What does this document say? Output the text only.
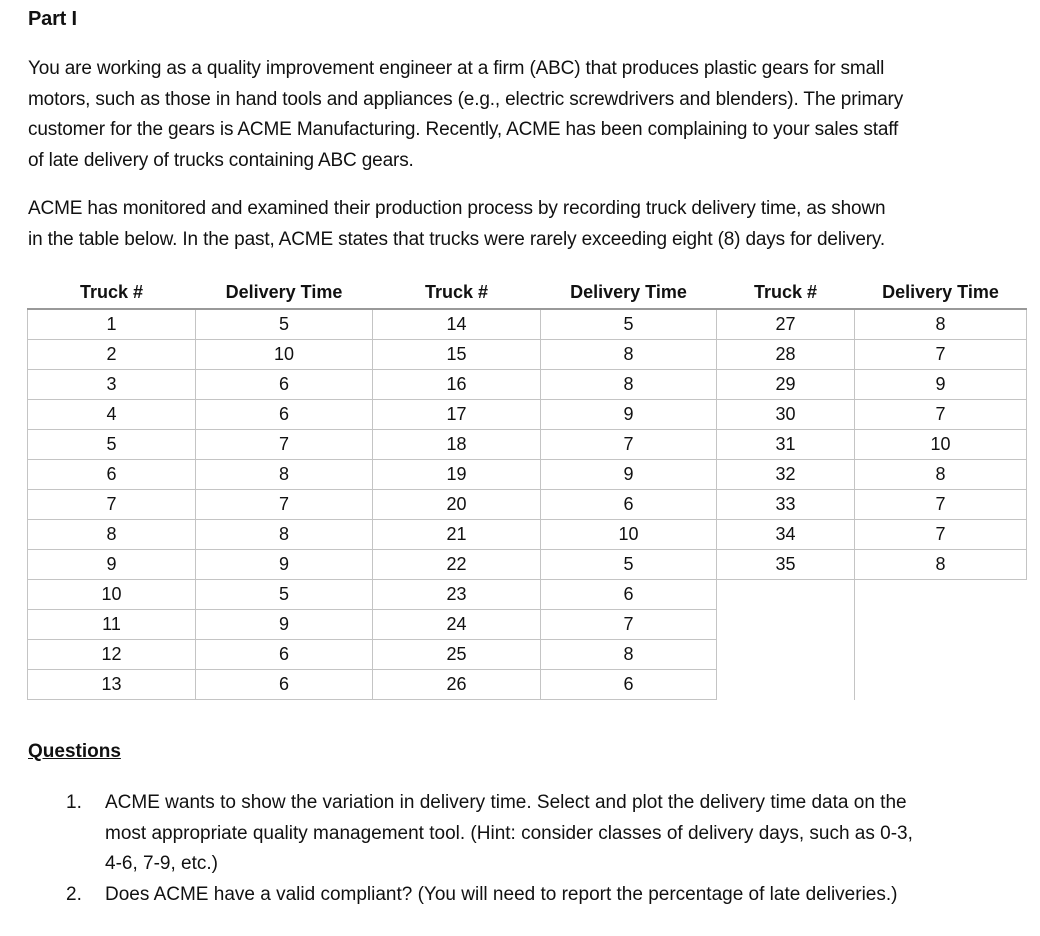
Part I

You are working as a quality improvement engineer at a firm (ABC) that produces plastic gears for small
motors, such as those in hand tools and appliances (e.g., electric screwdrivers and blenders). The primary
customer for the gears is ACME Manufacturing. Recently, ACME has been complaining to your sales staff
of late delivery of trucks containing ABC gears.

ACME has monitored and examined their production process by recording truck delivery time, as shown
in the table below. In the past, ACME states that trucks were rarely exceeding eight (8) days for delivery.

Truck #	Delivery Time	Truck #	Delivery Time	Truck #	Delivery Time
1	5	14	5	27	8
2	10	15	8	28	7
3	6	16	8	29	9
4	6	17	9	30	7
5	7	18	7	31	10
6	8	19	9	32	8
7	7	20	6	33	7
8	8	21	10	34	7
9	9	22	5	35	8
10	5	23	6		
11	9	24	7		
12	6	25	8		
13	6	26	6		
Questions
1. ACME wants to show the variation in delivery time. Select and plot the delivery time data on the
most appropriate quality management tool. (Hint: consider classes of delivery days, such as 0-3,
4-6, 7-9, etc.)
2. Does ACME have a valid compliant? (You will need to report the percentage of late deliveries.)
